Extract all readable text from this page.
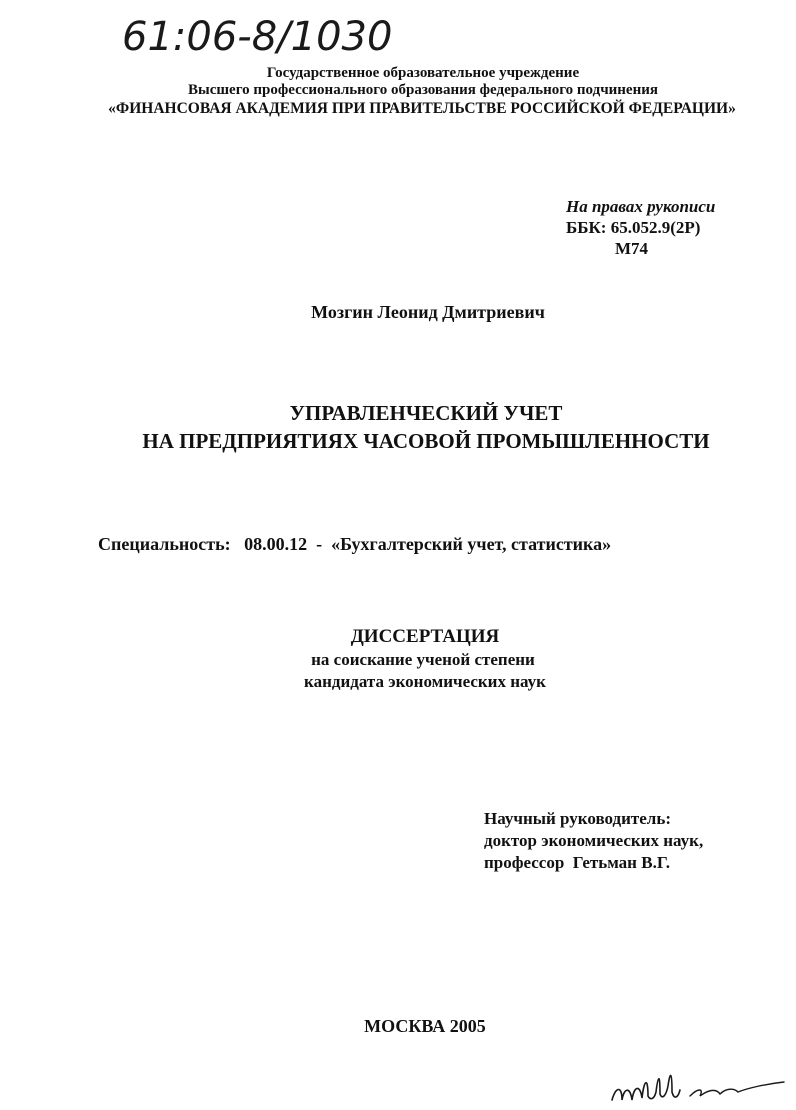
61:06-8/1030
Государственное образовательное учреждение
Высшего профессионального образования федерального подчинения
«ФИНАНСОВАЯ АКАДЕМИЯ ПРИ ПРАВИТЕЛЬСТВЕ РОССИЙСКОЙ ФЕДЕРАЦИИ»
На правах рукописи
ББК: 65.052.9(2Р)
М74
Мозгин Леонид Дмитриевич
УПРАВЛЕНЧЕСКИЙ УЧЕТ
НА ПРЕДПРИЯТИЯХ ЧАСОВОЙ ПРОМЫШЛЕННОСТИ
Специальность: 08.00.12 - «Бухгалтерский учет, статистика»
ДИССЕРТАЦИЯ
на соискание ученой степени
кандидата экономических наук
Научный руководитель:
доктор экономических наук,
профессор  Гетьман В.Г.
МОСКВА 2005
